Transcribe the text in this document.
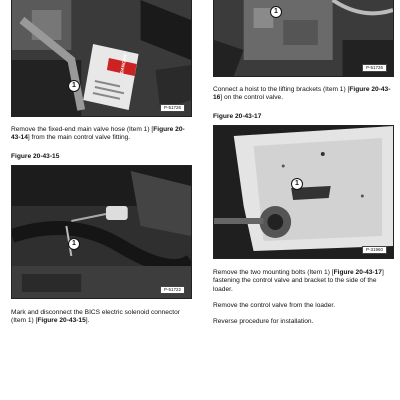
DANGER
1
P-51726

Remove the fixed-end main valve hose (Item 1) [Figure 20-43-14] from the main control valve fitting.

Figure 20-43-15

1
P-51722

Mark and disconnect the BICS electric solenoid connector (Item 1) [Figure 20-43-15].

1
P-51726

Connect a hoist to the lifting brackets (Item 1) [Figure 20-43-16] on the control valve.

Figure 20-43-17

1
P-31960

Remove the two mounting bolts (Item 1) [Figure 20-43-17] fastening the control valve and bracket to the side of the loader.

Remove the control valve from the loader.

Reverse procedure for installation.
